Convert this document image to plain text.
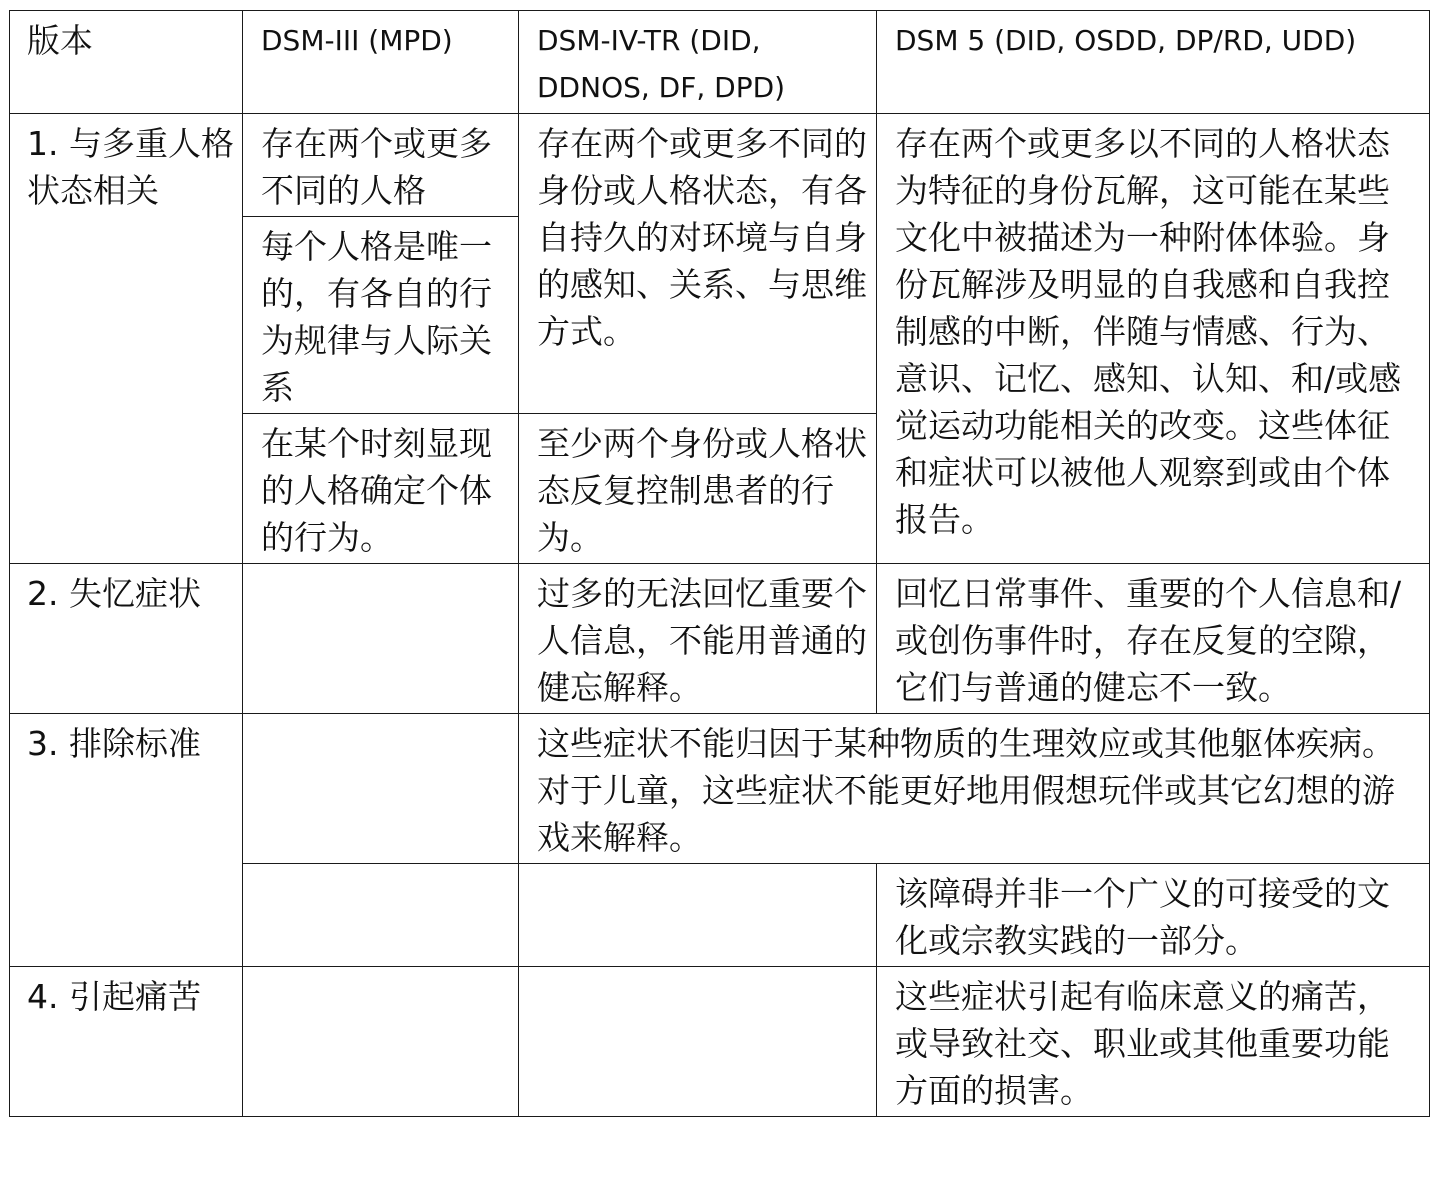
版本	DSM-III (MPD)	DSM-IV-TR (DID, DDNOS, DF, DPD)	DSM 5 (DID, OSDD, DP/RD, UDD)
1. 与多重人格状态相关	存在两个或更多不同的人格	存在两个或更多不同的身份或人格状态，有各自持久的对环境与自身的感知、关系、与思维方式。	存在两个或更多以不同的人格状态为特征的身份瓦解，这可能在某些文化中被描述为一种附体体验。身份瓦解涉及明显的自我感和自我控制感的中断，伴随与情感、行为、意识、记忆、感知、认知、和/或感觉运动功能相关的改变。这些体征和症状可以被他人观察到或由个体报告。
	每个人格是唯一的，有各自的行为规律与人际关系		
	在某个时刻显现的人格确定个体的行为。	至少两个身份或人格状态反复控制患者的行为。	
2. 失忆症状		过多的无法回忆重要个人信息，不能用普通的健忘解释。	回忆日常事件、重要的个人信息和/或创伤事件时，存在反复的空隙，它们与普通的健忘不一致。
3. 排除标准		这些症状不能归因于某种物质的生理效应或其他躯体疾病。对于儿童，这些症状不能更好地用假想玩伴或其它幻想的游戏来解释。	
			该障碍并非一个广义的可接受的文化或宗教实践的一部分。
4. 引起痛苦			这些症状引起有临床意义的痛苦，或导致社交、职业或其他重要功能方面的损害。
